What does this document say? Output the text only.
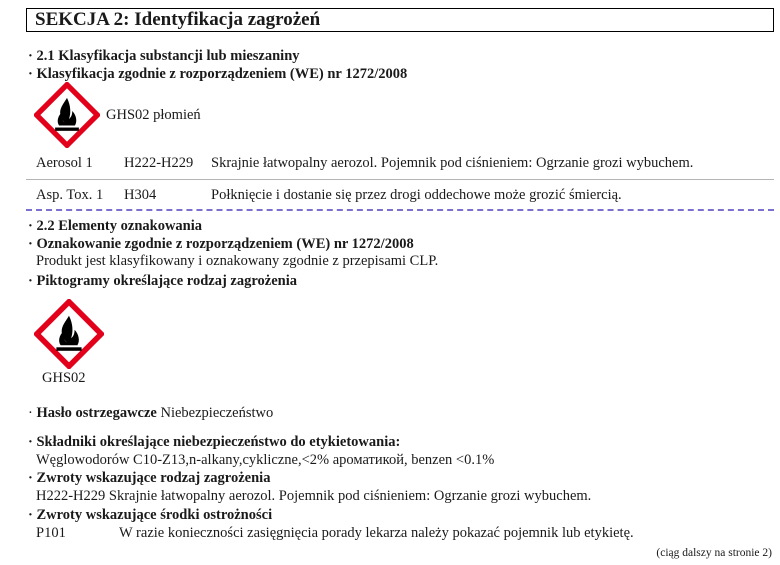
SEKCJA 2: Identyfikacja zagrożeń
· 2.1 Klasyfikacja substancji lub mieszaniny
· Klasyfikacja zgodnie z rozporządzeniem (WE) nr 1272/2008
GHS02 płomień
Aerosol 1 H222-H229 Skrajnie łatwopalny aerozol. Pojemnik pod ciśnieniem: Ogrzanie grozi wybuchem.
Asp. Tox. 1 H304	Połknięcie i dostanie się przez drogi oddechowe może grozić śmiercią.
· 2.2 Elementy oznakowania
· Oznakowanie zgodnie z rozporządzeniem (WE) nr 1272/2008
Produkt jest klasyfikowany i oznakowany zgodnie z przepisami CLP.
· Piktogramy określające rodzaj zagrożenia
GHS02
· Hasło ostrzegawcze Niebezpieczeństwo
· Składniki określające niebezpieczeństwo do etykietowania:
Węglowodorów C10-Z13,n-alkany,cykliczne,<2% ароматикой, benzen <0.1%
· Zwroty wskazujące rodzaj zagrożenia
H222-H229 Skrajnie łatwopalny aerozol. Pojemnik pod ciśnieniem: Ogrzanie grozi wybuchem.
· Zwroty wskazujące środki ostrożności
P101	W razie konieczności zasięgnięcia porady lekarza należy pokazać pojemnik lub etykietę.
(ciąg dalszy na stronie 2)
